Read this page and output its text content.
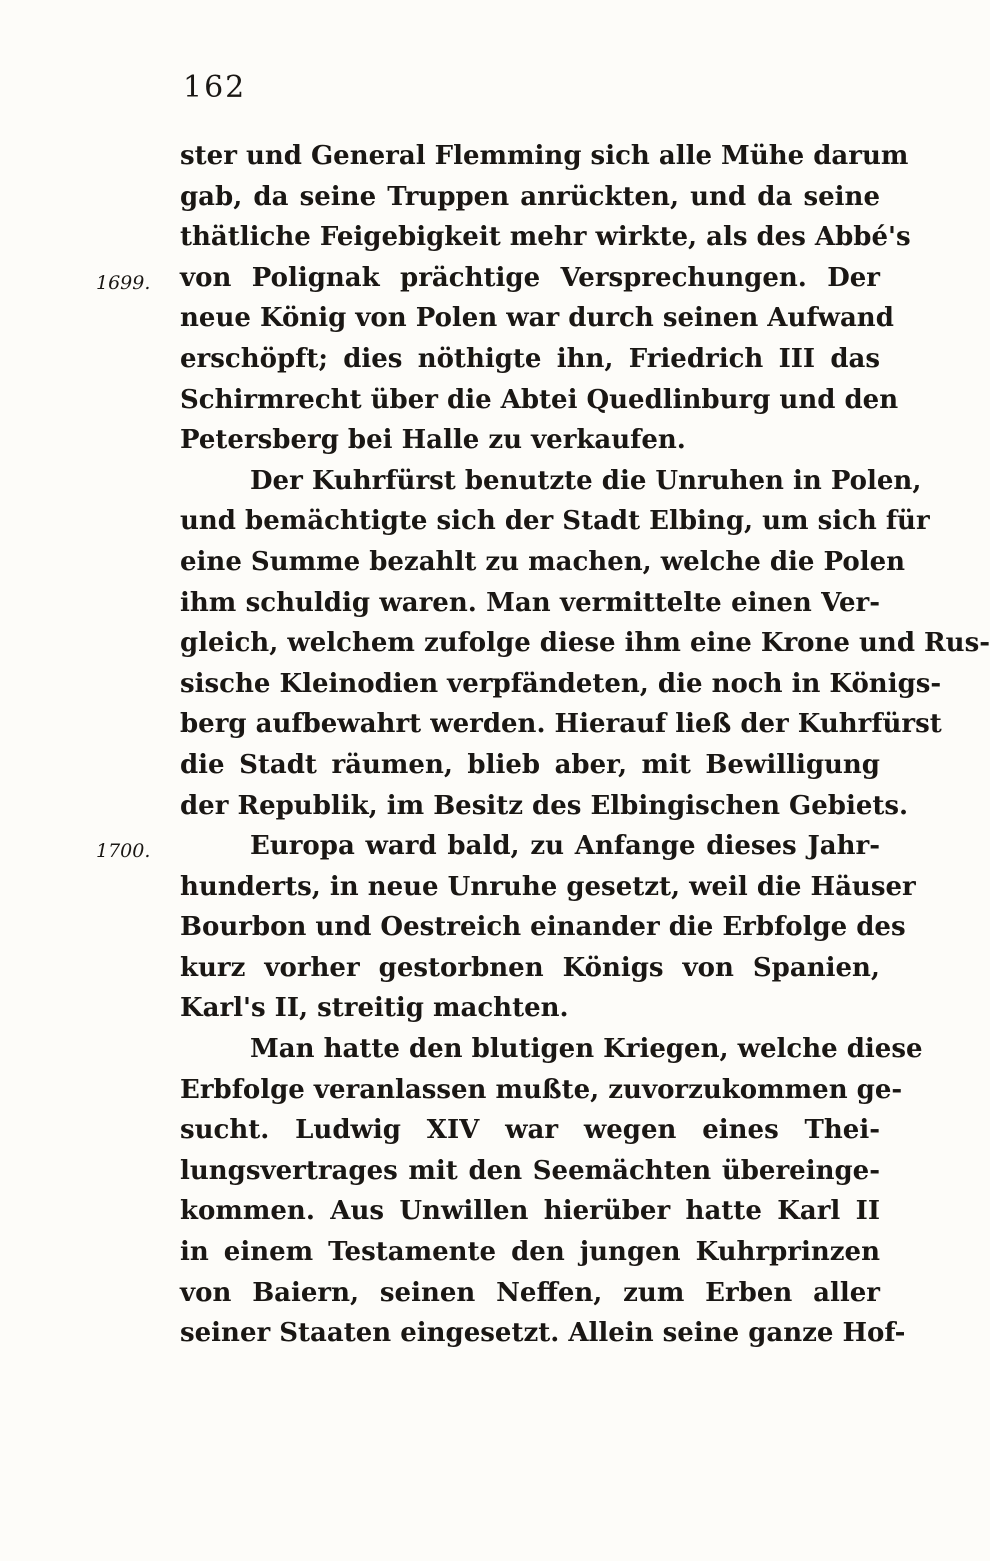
162
1699.
1700.
ster und General Flemming sich alle Mühe darum
gab, da seine Truppen anrückten, und da seine
thätliche Feigebigkeit mehr wirkte, als des Abbé's
von Polignak prächtige Versprechungen. Der
neue König von Polen war durch seinen Aufwand
erschöpft; dies nöthigte ihn, Friedrich III das
Schirmrecht über die Abtei Quedlinburg und den
Petersberg bei Halle zu verkaufen.
Der Kuhrfürst benutzte die Unruhen in Polen,
und bemächtigte sich der Stadt Elbing, um sich für
eine Summe bezahlt zu machen, welche die Polen
ihm schuldig waren. Man vermittelte einen Ver-
gleich, welchem zufolge diese ihm eine Krone und Rus-
sische Kleinodien verpfändeten, die noch in Königs-
berg aufbewahrt werden. Hierauf ließ der Kuhrfürst
die Stadt räumen, blieb aber, mit Bewilligung
der Republik, im Besitz des Elbingischen Gebiets.
Europa ward bald, zu Anfange dieses Jahr-
hunderts, in neue Unruhe gesetzt, weil die Häuser
Bourbon und Oestreich einander die Erbfolge des
kurz vorher gestorbnen Königs von Spanien,
Karl's II, streitig machten.
Man hatte den blutigen Kriegen, welche diese
Erbfolge veranlassen mußte, zuvorzukommen ge-
sucht. Ludwig XIV war wegen eines Thei-
lungsvertrages mit den Seemächten übereinge-
kommen. Aus Unwillen hierüber hatte Karl II
in einem Testamente den jungen Kuhrprinzen
von Baiern, seinen Neffen, zum Erben aller
seiner Staaten eingesetzt. Allein seine ganze Hof-
